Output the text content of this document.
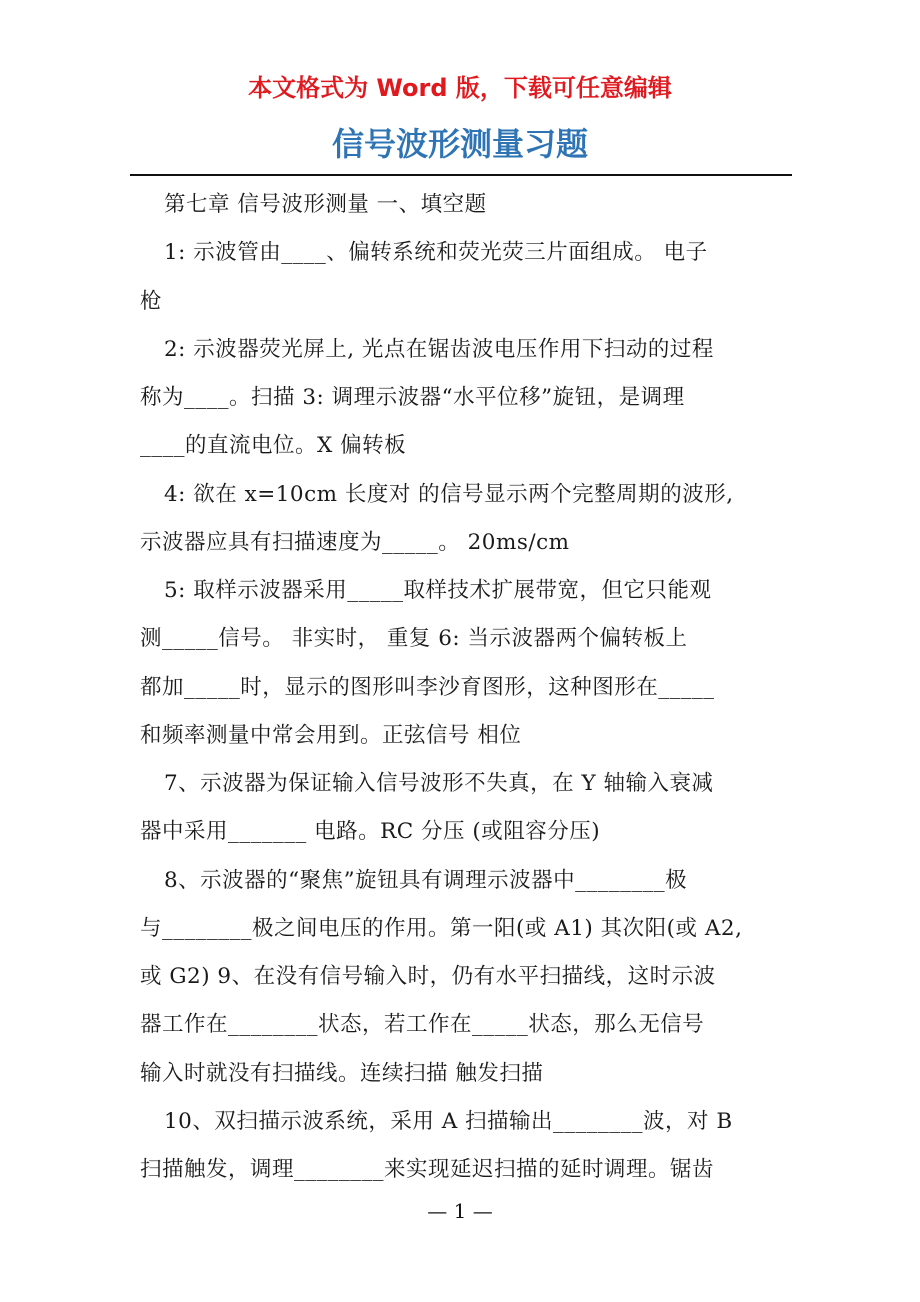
本文格式为 Word 版，下载可任意编辑
信号波形测量习题
第七章 信号波形测量 一、填空题
1: 示波管由____、偏转系统和荧光荧三片面组成。 电子
枪
2: 示波器荧光屏上, 光点在锯齿波电压作用下扫动的过程
称为____。扫描 3: 调理示波器“水平位移”旋钮，是调理
____的直流电位。X 偏转板
4: 欲在 x=10cm 长度对 的信号显示两个完整周期的波形,
示波器应具有扫描速度为_____。 20ms/cm
5: 取样示波器采用_____取样技术扩展带宽，但它只能观
测_____信号。 非实时， 重复 6: 当示波器两个偏转板上
都加_____时，显示的图形叫李沙育图形，这种图形在_____
和频率测量中常会用到。正弦信号 相位
7、示波器为保证输入信号波形不失真，在 Y 轴输入衰减
器中采用_______ 电路。RC 分压 (或阻容分压)
8、示波器的“聚焦”旋钮具有调理示波器中________极
与________极之间电压的作用。第一阳(或 A1) 其次阳(或 A2,
或 G2) 9、在没有信号输入时，仍有水平扫描线，这时示波
器工作在________状态，若工作在_____状态，那么无信号
输入时就没有扫描线。连续扫描 触发扫描
10、双扫描示波系统，采用 A 扫描输出________波，对 B
扫描触发，调理________来实现延迟扫描的延时调理。锯齿
— 1 —
